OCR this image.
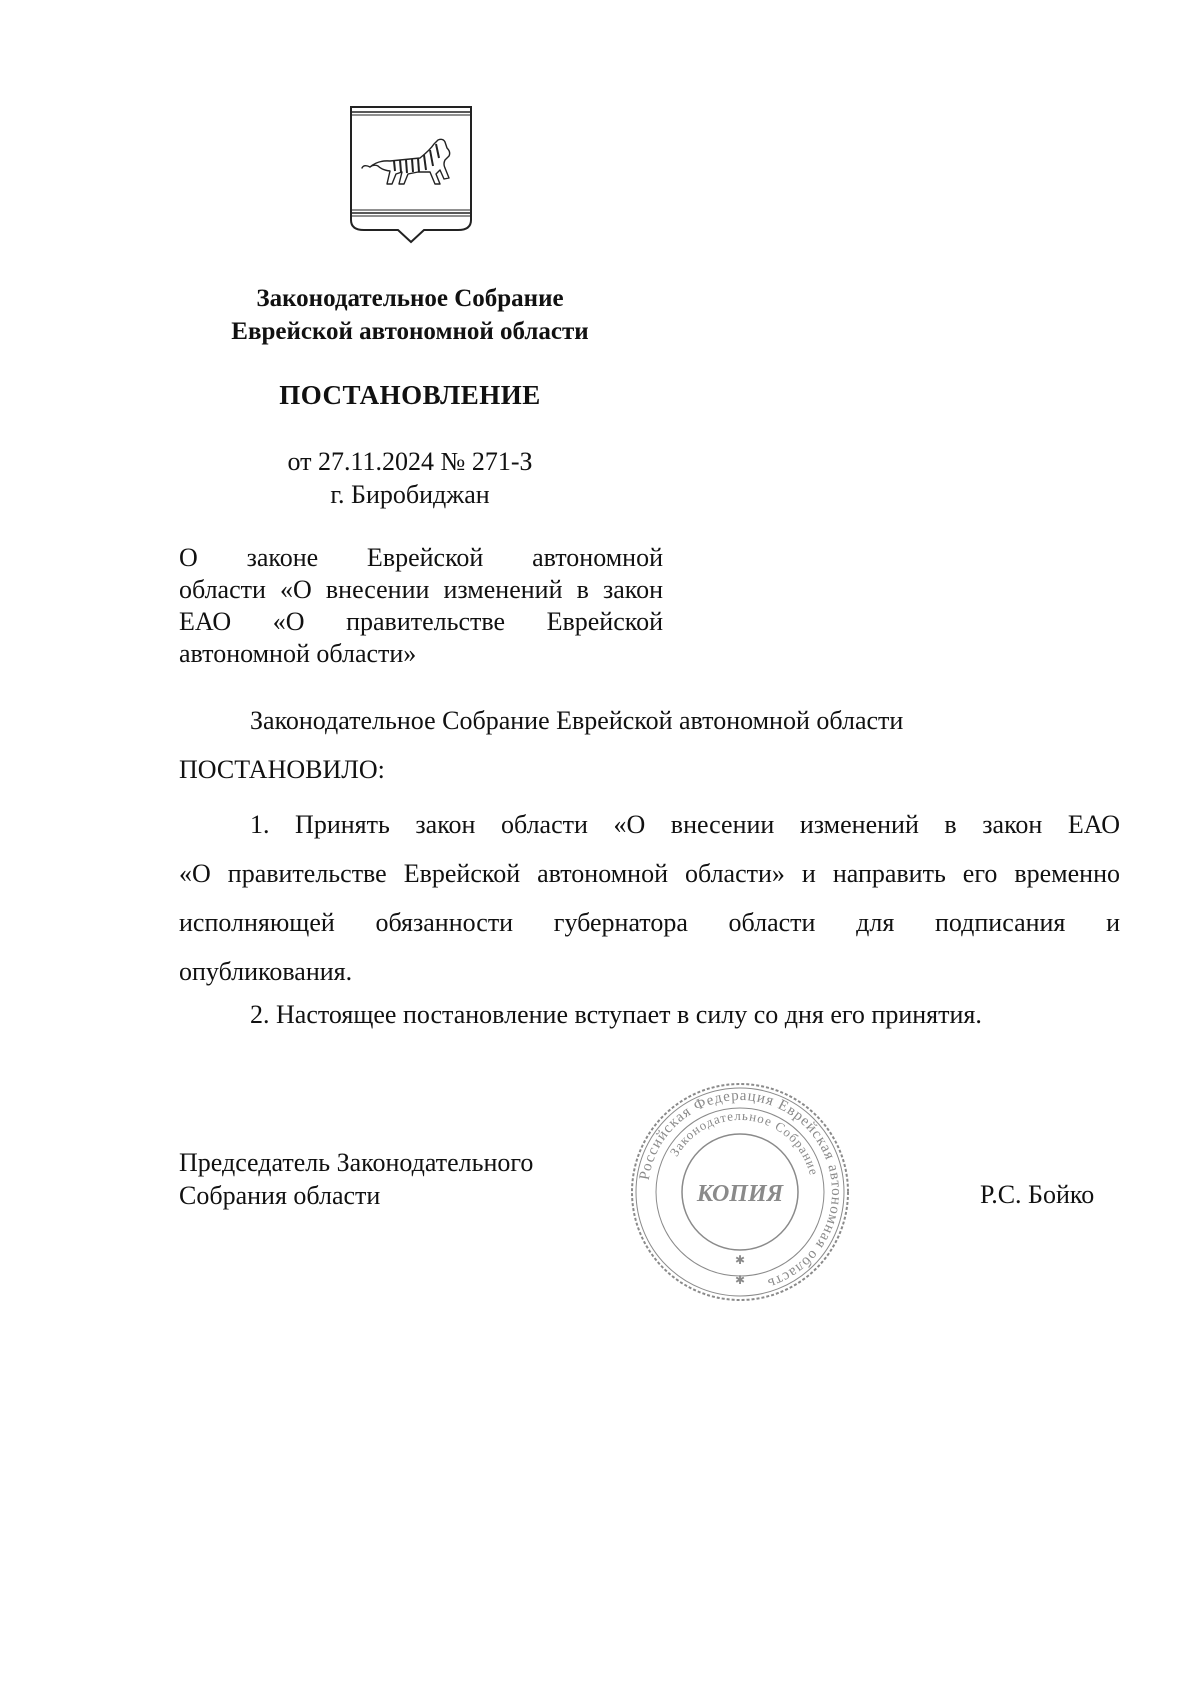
Законодательное Собрание
Еврейской автономной области
ПОСТАНОВЛЕНИЕ
от 27.11.2024 № 271-З
г. Биробиджан
О законе Еврейской автономной
области «О внесении изменений в закон
ЕАО «О правительстве Еврейской
автономной области»
Законодательное Собрание Еврейской автономной области
ПОСТАНОВИЛО:
1. Принять закон области «О внесении изменений в закон ЕАО
«О правительстве Еврейской автономной области» и направить его временно
исполняющей обязанности губернатора области для подписания и
опубликования.
2. Настоящее постановление вступает в силу со дня его принятия.
Председатель Законодательного
Собрания области	Р.С. Бойко
Российская Федерация Еврейская автономная область
Законодательное Собрание
КОПИЯ
✱
✱
